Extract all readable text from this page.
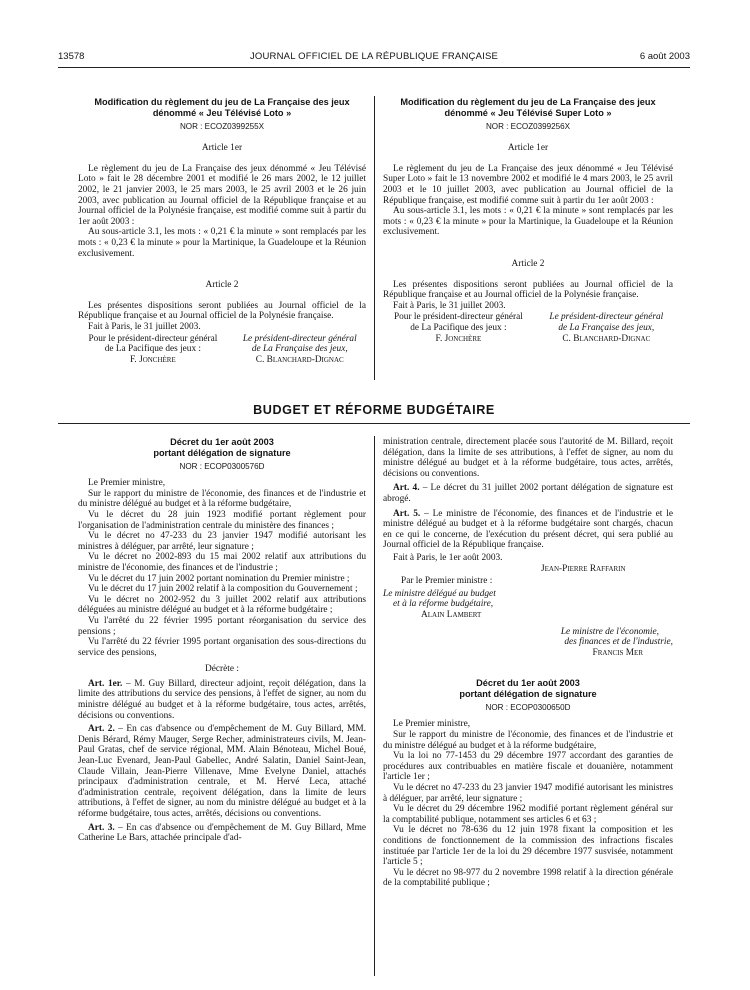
13578	JOURNAL OFFICIEL DE LA RÉPUBLIQUE FRANÇAISE	6 août 2003

Modification du règlement du jeu de La Française des jeux dénommé « Jeu Télévisé Loto »

NOR : ECOZ0399255X

Article 1er

Le règlement du jeu de La Française des jeux dénommé « Jeu Télévisé Loto » fait le 28 décembre 2001 et modifié le 26 mars 2002, le 12 juillet 2002, le 21 janvier 2003, le 25 mars 2003, le 25 avril 2003 et le 26 juin 2003, avec publication au Journal officiel de la République française et au Journal officiel de la Polynésie française, est modifié comme suit à partir du 1er août 2003 :

Au sous-article 3.1, les mots : « 0,21 € la minute » sont remplacés par les mots : « 0,23 € la minute » pour la Martinique, la Guadeloupe et la Réunion exclusivement.

Article 2

Les présentes dispositions seront publiées au Journal officiel de la République française et au Journal officiel de la Polynésie française.

Fait à Paris, le 31 juillet 2003.

Pour le président-directeur général
de La Pacifique des jeux :
F. Jonchère
Le président-directeur général
de La Française des jeux,
C. Blanchard-Dignac

Modification du règlement du jeu de La Française des jeux dénommé « Jeu Télévisé Super Loto »

NOR : ECOZ0399256X

Article 1er

Le règlement du jeu de La Française des jeux dénommé « Jeu Télévisé Super Loto » fait le 13 novembre 2002 et modifié le 4 mars 2003, le 25 avril 2003 et le 10 juillet 2003, avec publication au Journal officiel de la République française, est modifié comme suit à partir du 1er août 2003 :

Au sous-article 3.1, les mots : « 0,21 € la minute » sont remplacés par les mots : « 0,23 € la minute » pour la Martinique, la Guadeloupe et la Réunion exclusivement.

Article 2

Les présentes dispositions seront publiées au Journal officiel de la République française et au Journal officiel de la Polynésie française.

Fait à Paris, le 31 juillet 2003.

Pour le président-directeur général
de La Pacifique des jeux :
F. Jonchère
Le président-directeur général
de La Française des jeux,
C. Blanchard-Dignac
BUDGET ET RÉFORME BUDGÉTAIRE

Décret du 1er août 2003

portant délégation de signature

NOR : ECOP0300576D

Le Premier ministre,

Sur le rapport du ministre de l'économie, des finances et de l'industrie et du ministre délégué au budget et à la réforme budgétaire,

Vu le décret du 28 juin 1923 modifié portant règlement pour l'organisation de l'administration centrale du ministère des finances ;

Vu le décret no 47-233 du 23 janvier 1947 modifié autorisant les ministres à déléguer, par arrêté, leur signature ;

Vu le décret no 2002-893 du 15 mai 2002 relatif aux attributions du ministre de l'économie, des finances et de l'industrie ;

Vu le décret du 17 juin 2002 portant nomination du Premier ministre ;

Vu le décret du 17 juin 2002 relatif à la composition du Gouvernement ;

Vu le décret no 2002-952 du 3 juillet 2002 relatif aux attributions déléguées au ministre délégué au budget et à la réforme budgétaire ;

Vu l'arrêté du 22 février 1995 portant réorganisation du service des pensions ;

Vu l'arrêté du 22 février 1995 portant organisation des sous-directions du service des pensions,

Décrète :

Art. 1er. – M. Guy Billard, directeur adjoint, reçoit délégation, dans la limite des attributions du service des pensions, à l'effet de signer, au nom du ministre délégué au budget et à la réforme budgétaire, tous actes, arrêtés, décisions ou conventions.

Art. 2. – En cas d'absence ou d'empêchement de M. Guy Billard, MM. Denis Bérard, Rémy Mauger, Serge Recher, administrateurs civils, M. Jean-Paul Gratas, chef de service régional, MM. Alain Bénoteau, Michel Boué, Jean-Luc Evenard, Jean-Paul Gabellec, André Salatin, Daniel Saint-Jean, Claude Villain, Jean-Pierre Villenave, Mme Evelyne Daniel, attachés principaux d'administration centrale, et M. Hervé Leca, attaché d'administration centrale, reçoivent délégation, dans la limite de leurs attributions, à l'effet de signer, au nom du ministre délégué au budget et à la réforme budgétaire, tous actes, arrêtés, décisions ou conventions.

Art. 3. – En cas d'absence ou d'empêchement de M. Guy Billard, Mme Catherine Le Bars, attachée principale d'ad-

ministration centrale, directement placée sous l'autorité de M. Billard, reçoit délégation, dans la limite de ses attributions, à l'effet de signer, au nom du ministre délégué au budget et à la réforme budgétaire, tous actes, arrêtés, décisions ou conventions.

Art. 4. – Le décret du 31 juillet 2002 portant délégation de signature est abrogé.

Art. 5. – Le ministre de l'économie, des finances et de l'industrie et le ministre délégué au budget et à la réforme budgétaire sont chargés, chacun en ce qui le concerne, de l'exécution du présent décret, qui sera publié au Journal officiel de la République française.

Fait à Paris, le 1er août 2003.

Jean-Pierre Raffarin

Par le Premier ministre :

Le ministre délégué au budget

et à la réforme budgétaire,

Alain Lambert

Le ministre de l'économie,

des finances et de l'industrie,

Francis Mer

Décret du 1er août 2003

portant délégation de signature

NOR : ECOP0300650D

Le Premier ministre,

Sur le rapport du ministre de l'économie, des finances et de l'industrie et du ministre délégué au budget et à la réforme budgétaire,

Vu la loi no 77-1453 du 29 décembre 1977 accordant des garanties de procédures aux contribuables en matière fiscale et douanière, notamment l'article 1er ;

Vu le décret no 47-233 du 23 janvier 1947 modifié autorisant les ministres à déléguer, par arrêté, leur signature ;

Vu le décret du 29 décembre 1962 modifié portant règlement général sur la comptabilité publique, notamment ses articles 6 et 63 ;

Vu le décret no 78-636 du 12 juin 1978 fixant la composition et les conditions de fonctionnement de la commission des infractions fiscales instituée par l'article 1er de la loi du 29 décembre 1977 susvisée, notamment l'article 5 ;

Vu le décret no 98-977 du 2 novembre 1998 relatif à la direction générale de la comptabilité publique ;
